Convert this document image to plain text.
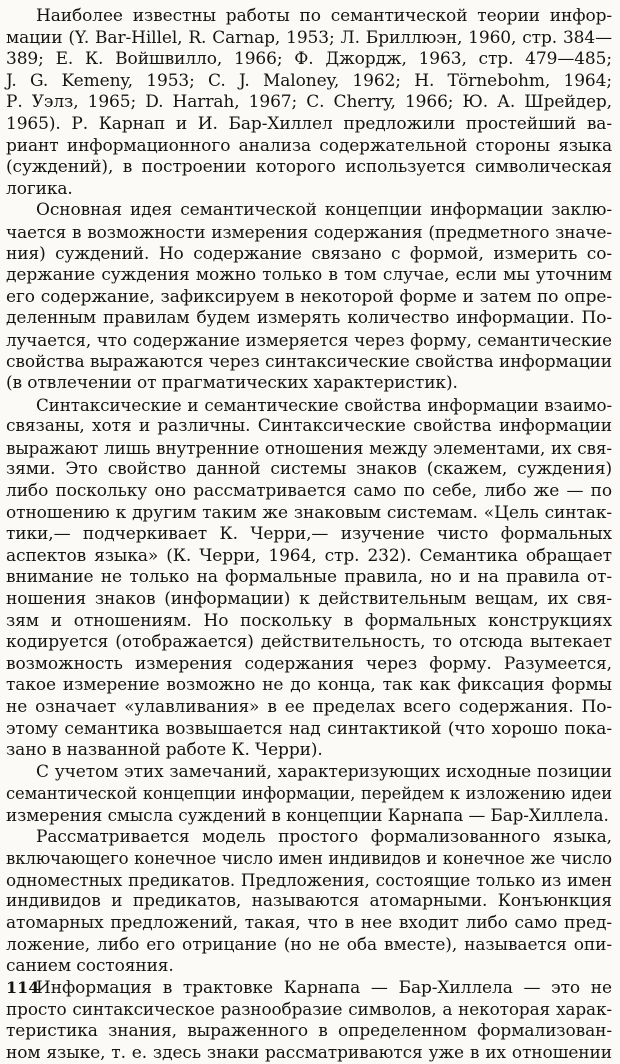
Наиболее известны работы по семантической теории инфор-
мации (Y. Bar-Hillel, R. Carnap, 1953; Л. Бриллюэн, 1960, стр. 384—
389; Е. К. Войшвилло, 1966; Ф. Джордж, 1963, стр. 479—485;
J. G. Kemeny, 1953; C. J. Maloney, 1962; H. Törnebohm, 1964;
Р. Уэлз, 1965; D. Harrah, 1967; С. Cherry, 1966; Ю. А. Шрейдер,
1965). Р. Карнап и И. Бар-Хиллел предложили простейший ва-
риант информационного анализа содержательной стороны языка
(суждений), в построении которого используется символическая
логика.
Основная идея семантической концепции информации заклю-
чается в возможности измерения содержания (предметного значе-
ния) суждений. Но содержание связано с формой, измерить со-
держание суждения можно только в том случае, если мы уточним
его содержание, зафиксируем в некоторой форме и затем по опре-
деленным правилам будем измерять количество информации. По-
лучается, что содержание измеряется через форму, семантические
свойства выражаются через синтаксические свойства информации
(в отвлечении от прагматических характеристик).
Синтаксические и семантические свойства информации взаимо-
связаны, хотя и различны. Синтаксические свойства информации
выражают лишь внутренние отношения между элементами, их свя-
зями. Это свойство данной системы знаков (скажем, суждения)
либо поскольку оно рассматривается само по себе, либо же — по
отношению к другим таким же знаковым системам. «Цель синтак-
тики,— подчеркивает К. Черри,— изучение чисто формальных
аспектов языка» (К. Черри, 1964, стр. 232). Семантика обращает
внимание не только на формальные правила, но и на правила от-
ношения знаков (информации) к действительным вещам, их свя-
зям и отношениям. Но поскольку в формальных конструкциях
кодируется (отображается) действительность, то отсюда вытекает
возможность измерения содержания через форму. Разумеется,
такое измерение возможно не до конца, так как фиксация формы
не означает «улавливания» в ее пределах всего содержания. По-
этому семантика возвышается над синтактикой (что хорошо пока-
зано в названной работе К. Черри).
С учетом этих замечаний, характеризующих исходные позиции
семантической концепции информации, перейдем к изложению идеи
измерения смысла суждений в концепции Карнапа — Бар-Хиллела.
Рассматривается модель простого формализованного языка,
включающего конечное число имен индивидов и конечное же число
одноместных предикатов. Предложения, состоящие только из имен
индивидов и предикатов, называются атомарными. Конъюнкция
атомарных предложений, такая, что в нее входит либо само пред-
ложение, либо его отрицание (но не оба вместе), называется опи-
санием состояния.
Информация в трактовке Карнапа — Бар-Хиллела — это не
просто синтаксическое разнообразие символов, а некоторая харак-
теристика знания, выраженного в определенном формализован-
ном языке, т. е. здесь знаки рассматриваются уже в их отношении
114
